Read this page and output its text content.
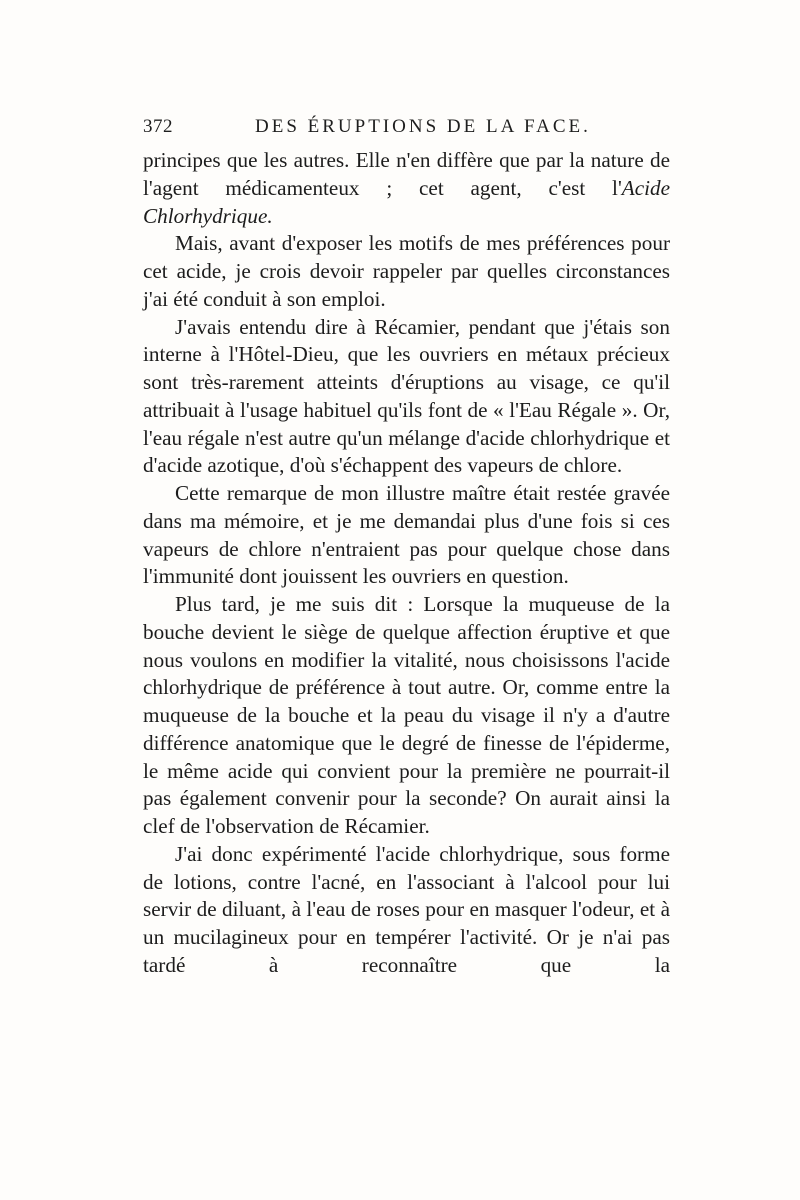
372	DES ÉRUPTIONS DE LA FACE.

principes que les autres. Elle n'en diffère que par la nature de l'agent médicamenteux ; cet agent, c'est l'Acide Chlorhydrique.

Mais, avant d'exposer les motifs de mes préférences pour cet acide, je crois devoir rappeler par quelles circonstances j'ai été conduit à son emploi.

J'avais entendu dire à Récamier, pendant que j'étais son interne à l'Hôtel-Dieu, que les ouvriers en métaux précieux sont très-rarement atteints d'éruptions au visage, ce qu'il attribuait à l'usage habituel qu'ils font de « l'Eau Régale ». Or, l'eau régale n'est autre qu'un mélange d'acide chlorhydrique et d'acide azotique, d'où s'échappent des vapeurs de chlore.

Cette remarque de mon illustre maître était restée gravée dans ma mémoire, et je me demandai plus d'une fois si ces vapeurs de chlore n'entraient pas pour quelque chose dans l'immunité dont jouissent les ouvriers en question.

Plus tard, je me suis dit : Lorsque la muqueuse de la bouche devient le siège de quelque affection éruptive et que nous voulons en modifier la vitalité, nous choisissons l'acide chlorhydrique de préférence à tout autre. Or, comme entre la muqueuse de la bouche et la peau du visage il n'y a d'autre différence anatomique que le degré de finesse de l'épiderme, le même acide qui convient pour la première ne pourrait-il pas également convenir pour la seconde? On aurait ainsi la clef de l'observation de Récamier.

J'ai donc expérimenté l'acide chlorhydrique, sous forme de lotions, contre l'acné, en l'associant à l'alcool pour lui servir de diluant, à l'eau de roses pour en masquer l'odeur, et à un mucilagineux pour en tempérer l'activité. Or je n'ai pas tardé à reconnaître que la
